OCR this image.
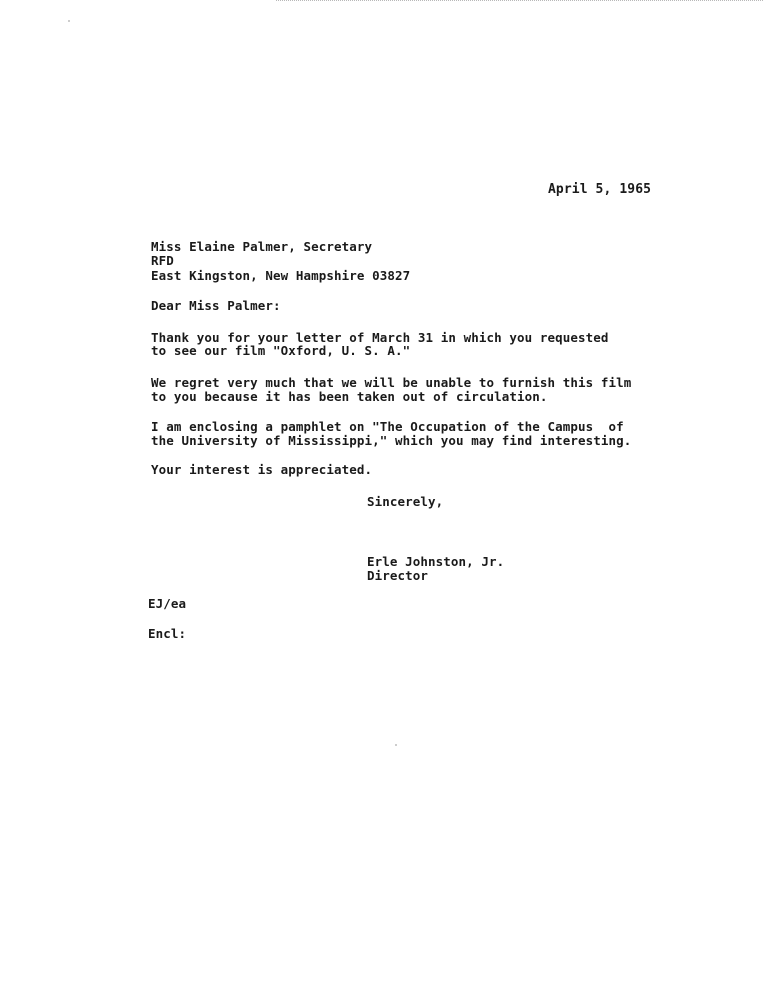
April 5, 1965
Miss Elaine Palmer, Secretary
RFD
East Kingston, New Hampshire 03827
Dear Miss Palmer:
Thank you for your letter of March 31 in which you requested
to see our film "Oxford, U. S. A."
We regret very much that we will be unable to furnish this film
to you because it has been taken out of circulation.
I am enclosing a pamphlet on "The Occupation of the Campus  of
the University of Mississippi," which you may find interesting.
Your interest is appreciated.
Sincerely,
Erle Johnston, Jr.
Director
EJ/ea
Encl:
